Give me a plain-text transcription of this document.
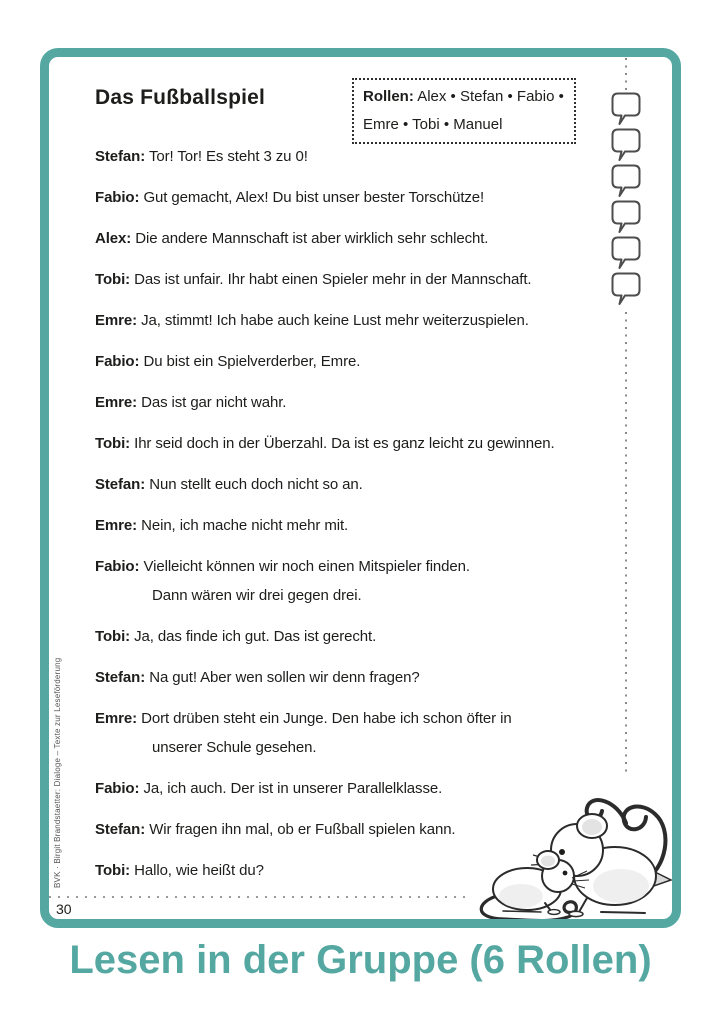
Das Fußballspiel	Rollen: Alex • Stefan • Fabio • Emre • Tobi • Manuel
Stefan: Tor! Tor! Es steht 3 zu 0!
Fabio: Gut gemacht, Alex! Du bist unser bester Torschütze!
Alex: Die andere Mannschaft ist aber wirklich sehr schlecht.
Tobi: Das ist unfair. Ihr habt einen Spieler mehr in der Mannschaft.
Emre: Ja, stimmt! Ich habe auch keine Lust mehr weiterzuspielen.
Fabio: Du bist ein Spielverderber, Emre.
Emre: Das ist gar nicht wahr.
Tobi: Ihr seid doch in der Überzahl. Da ist es ganz leicht zu gewinnen.
Stefan: Nun stellt euch doch nicht so an.
Emre: Nein, ich mache nicht mehr mit.
Fabio: Vielleicht können wir noch einen Mitspieler finden.
Dann wären wir drei gegen drei.
Tobi: Ja, das finde ich gut. Das ist gerecht.
Stefan: Na gut! Aber wen sollen wir denn fragen?
Emre: Dort drüben steht ein Junge. Den habe ich schon öfter in
unserer Schule gesehen.
Fabio: Ja, ich auch. Der ist in unserer Parallelklasse.
Stefan: Wir fragen ihn mal, ob er Fußball spielen kann.
Tobi: Hallo, wie heißt du?
BVK · Birgit Brandstaetter: Dialoge – Texte zur Leseförderung
30
Lesen in der Gruppe (6 Rollen)
